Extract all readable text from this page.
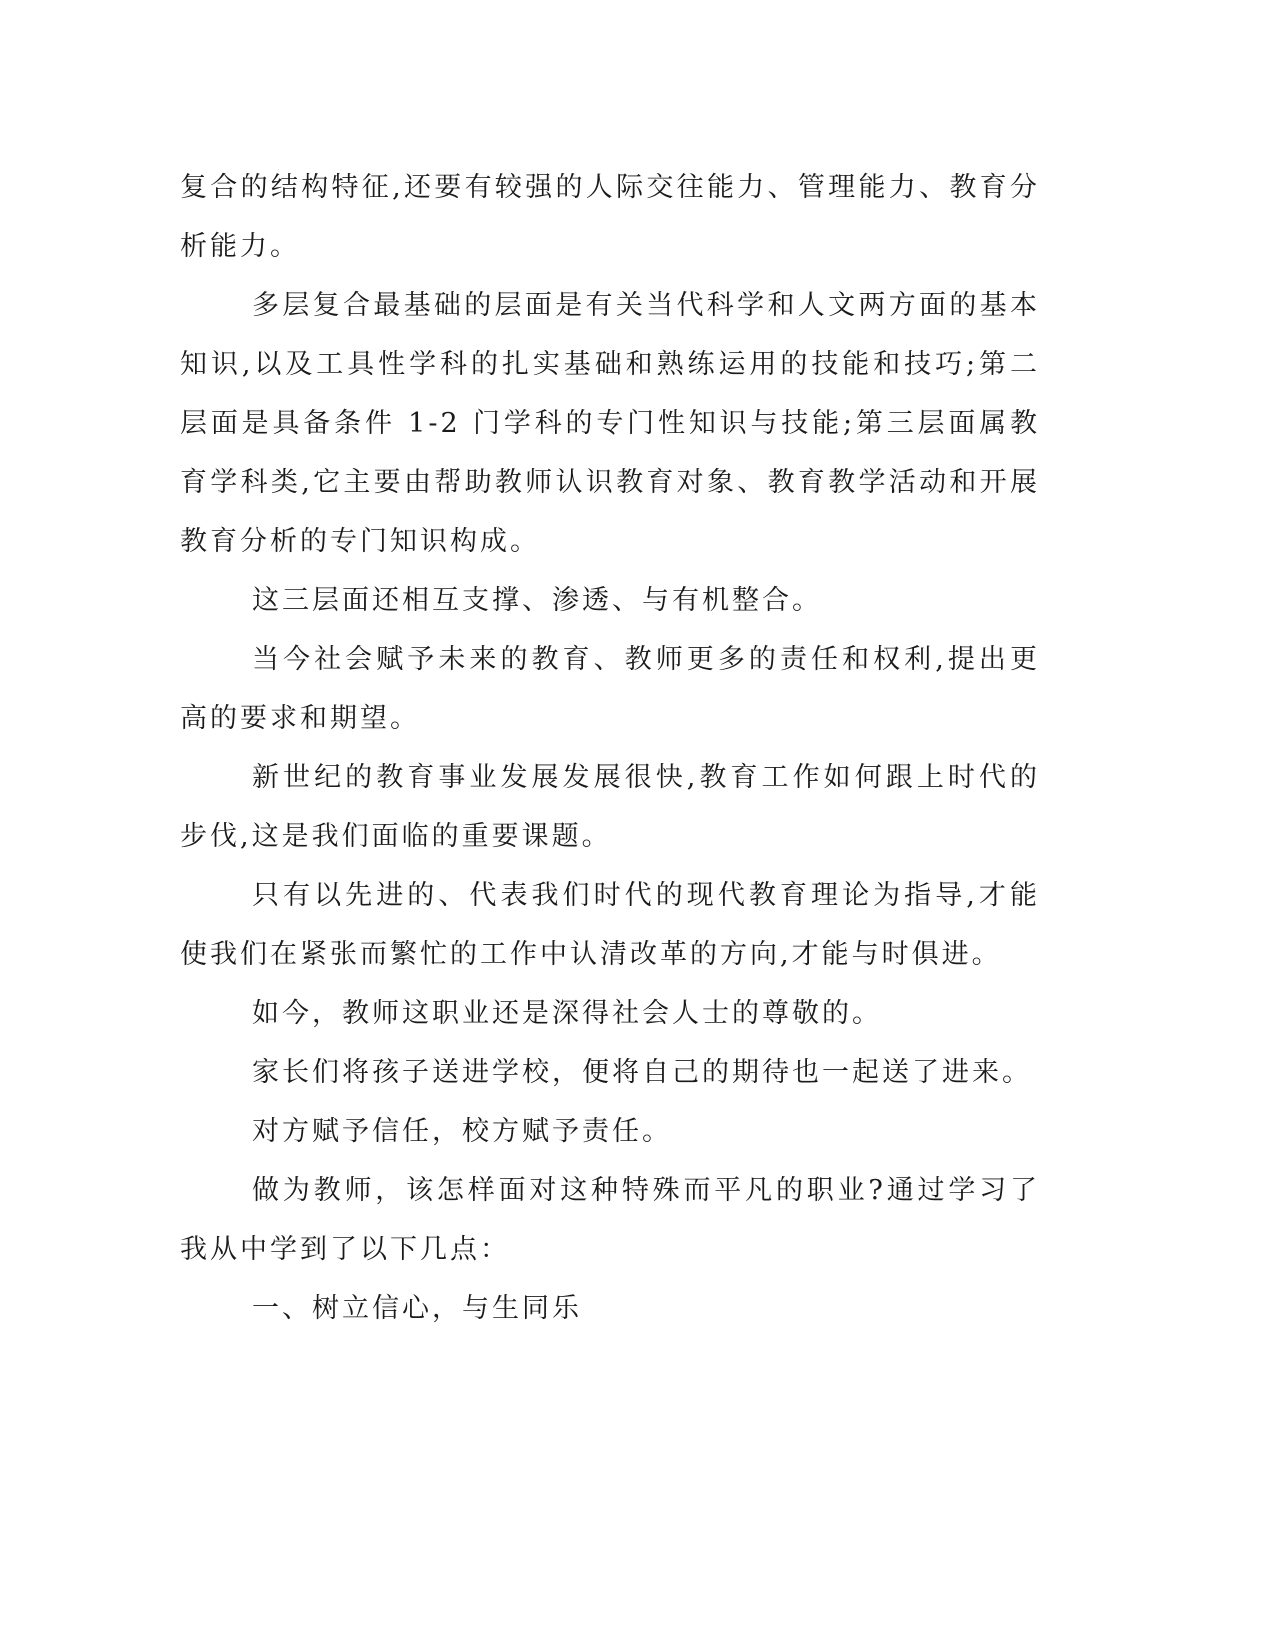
复合的结构特征,还要有较强的人际交往能力、管理能力、教育分析能力。

多层复合最基础的层面是有关当代科学和人文两方面的基本知识,以及工具性学科的扎实基础和熟练运用的技能和技巧;第二层面是具备条件 1-2 门学科的专门性知识与技能;第三层面属教育学科类,它主要由帮助教师认识教育对象、教育教学活动和开展教育分析的专门知识构成。

这三层面还相互支撑、渗透、与有机整合。

当今社会赋予未来的教育、教师更多的责任和权利,提出更高的要求和期望。

新世纪的教育事业发展发展很快,教育工作如何跟上时代的步伐,这是我们面临的重要课题。

只有以先进的、代表我们时代的现代教育理论为指导,才能使我们在紧张而繁忙的工作中认清改革的方向,才能与时俱进。

如今，教师这职业还是深得社会人士的尊敬的。

家长们将孩子送进学校，便将自己的期待也一起送了进来。

对方赋予信任，校方赋予责任。

做为教师，该怎样面对这种特殊而平凡的职业?通过学习了我从中学到了以下几点：

一、树立信心，与生同乐
